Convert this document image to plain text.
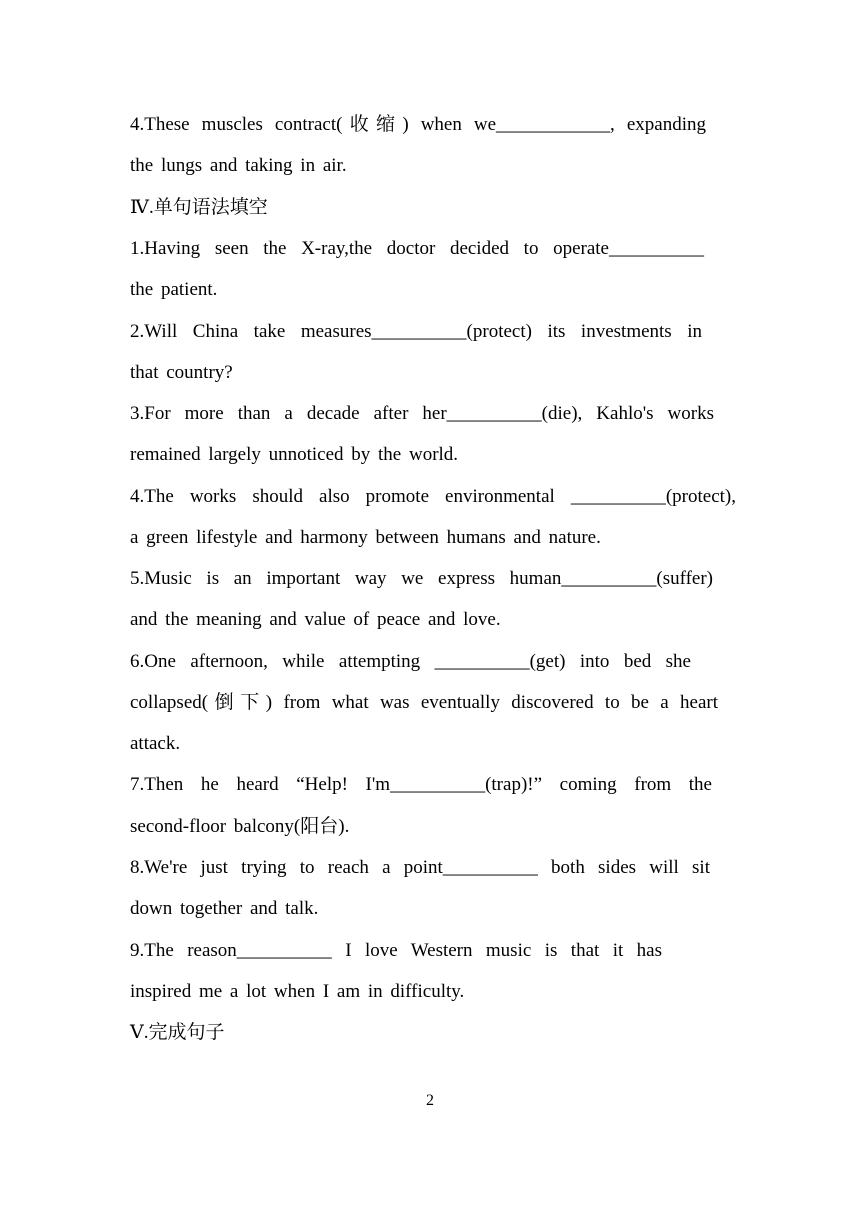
4.These muscles contract(收缩) when we____________, expanding
the lungs and taking in air.
Ⅳ.单句语法填空
1.Having seen the X-ray,the doctor decided to operate__________
the patient.
2.Will China take measures__________(protect) its investments in
that country?
3.For more than a decade after her__________(die), Kahlo's works
remained largely unnoticed by the world.
4.The works should also promote environmental __________(protect),
a green lifestyle and harmony between humans and nature.
5.Music is an important way we express human__________(suffer)
and the meaning and value of peace and love.
6.One afternoon, while attempting __________(get) into bed she
collapsed(倒下) from what was eventually discovered to be a heart
attack.
7.Then he heard “Help! I'm__________(trap)!” coming from the
second-floor balcony(阳台).
8.We're just trying to reach a point__________ both sides will sit
down together and talk.
9.The reason__________ I love Western music is that it has
inspired me a lot when I am in difficulty.
Ⅴ.完成句子
2
